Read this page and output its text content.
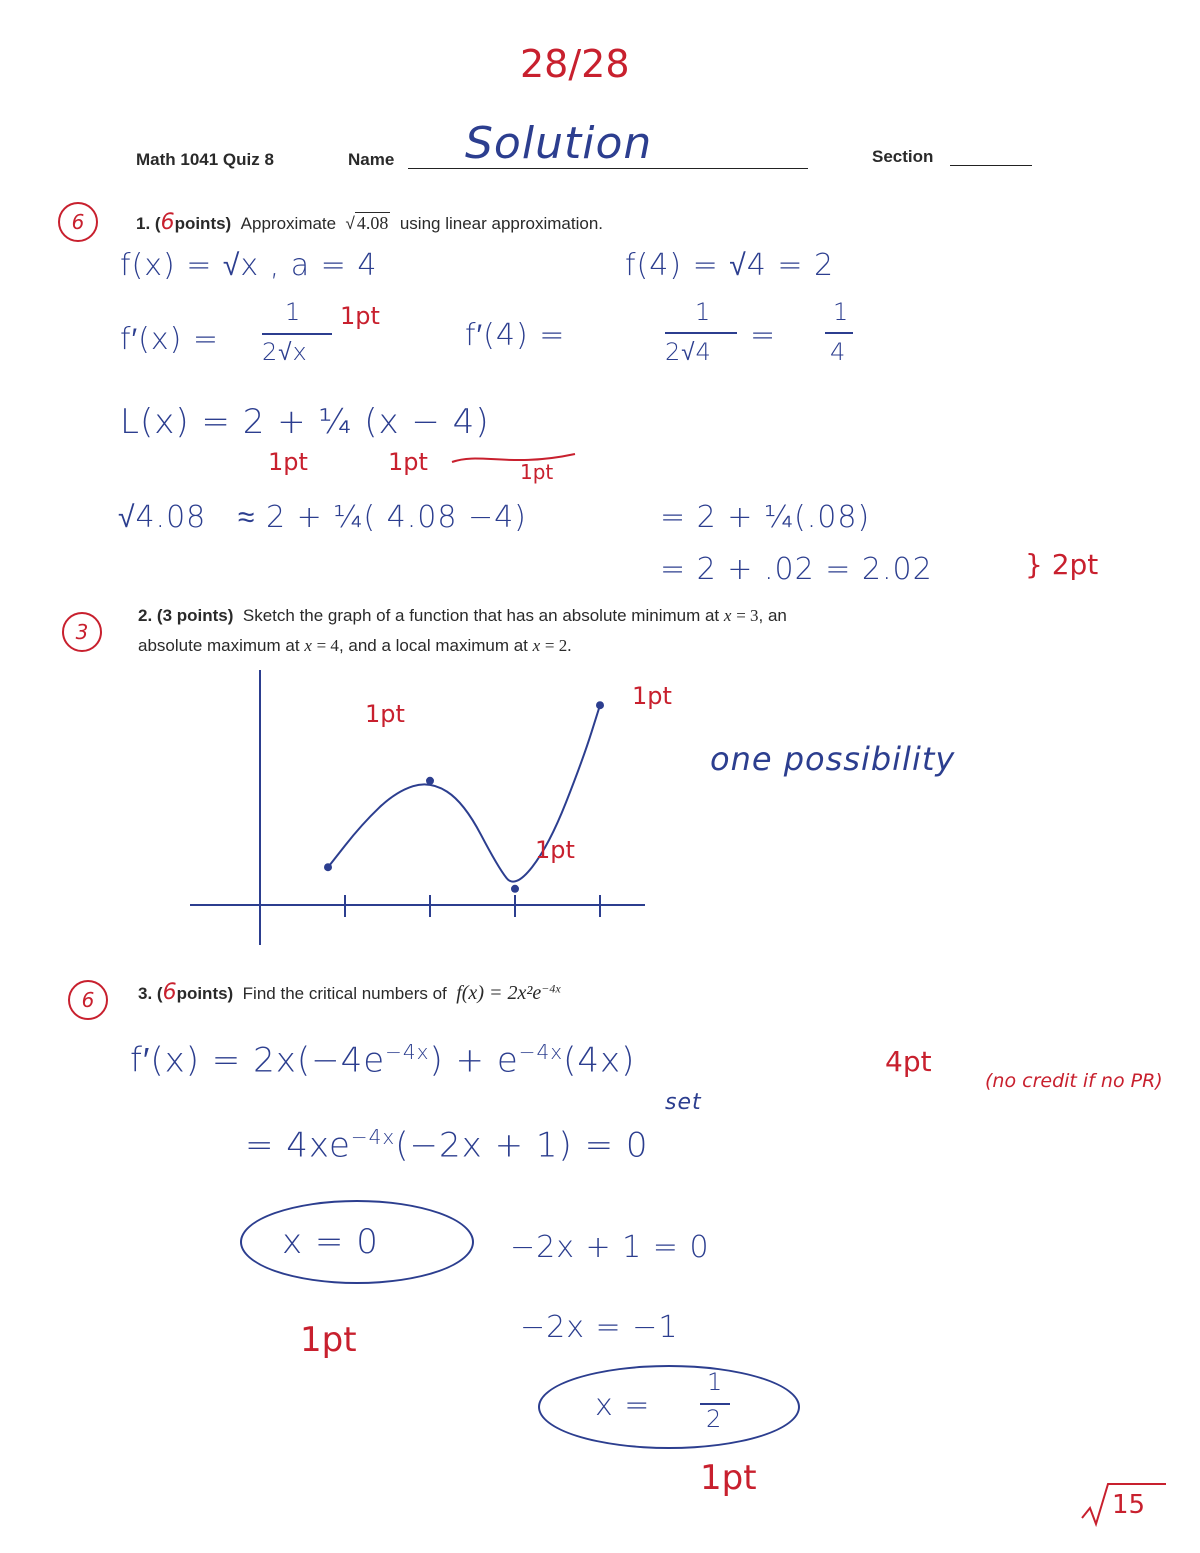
28/28
Math 1041 Quiz 8	Name Solution	Section
6	1. (6points) Approximate  √ 4.08 using linear approximation.
f(x) = √x , a = 4	f(4) = √4 = 2
f′(x) =
1
2√x
1pt
f′(4) =
1
2√4 =
1
4
L(x) = 2 + ¼ (x − 4)
1pt	1pt	1pt
√4.08 ≈ 2 + ¼( 4.08 −4)	= 2 + ¼(.08)
= 2 + .02 = 2.02	} 2pt
3
2. (3 points) Sketch the graph of a function that has an absolute minimum at x = 3, an
absolute maximum at x = 4, and a local maximum at x = 2.
1pt
1pt
1pt
one possibility
6	3. (6points) Find the critical numbers of $f(x) = 2x^2e^{-4x}$
$f'(x) = 2x(-4e^{-4x}) + e^{-4x}(4x)$	4pt
(no credit if no PR)
set
= $4xe^{-4x}(-2x + 1) = 0$
x = 0	−2x + 1 = 0
1pt	−2x = −1
x =
1
2
1pt
15
